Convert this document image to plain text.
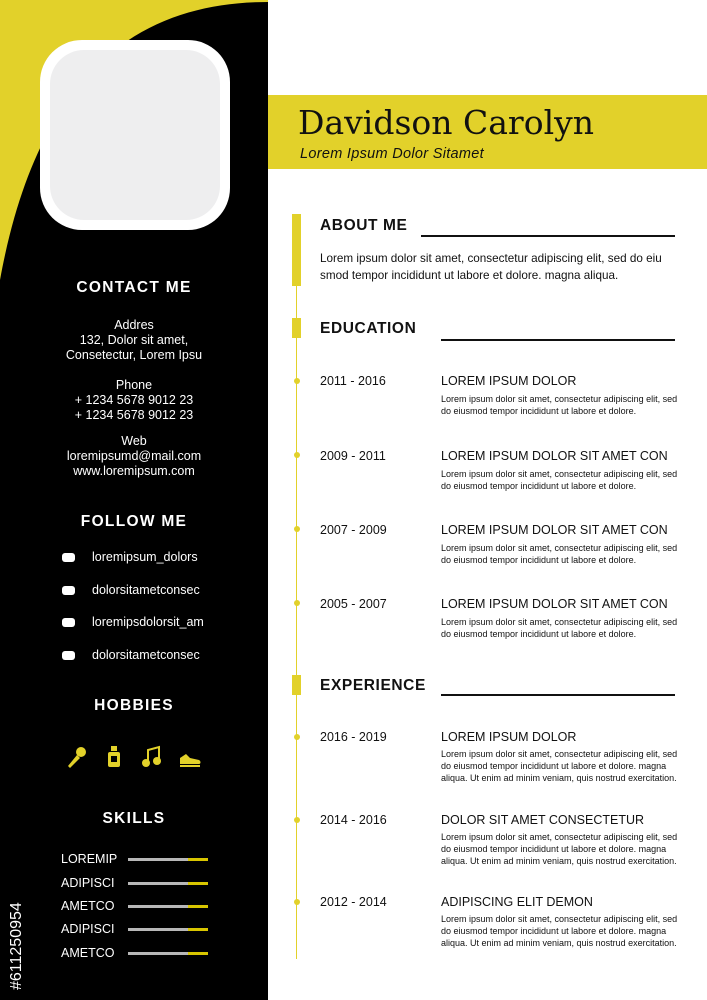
CONTACT ME
Addres
132, Dolor sit amet,
Consetectur, Lorem Ipsu
Phone
+ 1234 5678 9012 23
+ 1234 5678 9012 23
Web
loremipsumd@mail.com
www.loremipsum.com
FOLLOW ME
loremipsum_dolors
dolorsitametconsec
loremipsdolorsit_am
dolorsitametconsec
HOBBIES
SKILLS
LOREMIP
ADIPISCI
AMETCO
ADIPISCI
AMETCO
#611250954
Davidson Carolyn
Lorem Ipsum Dolor Sitamet
ABOUT ME
Lorem ipsum dolor sit amet, consectetur adipiscing elit, sed do eiu smod tempor incididunt ut labore et dolore. magna aliqua.
EDUCATION
2011 - 2016	LOREM IPSUM DOLOR
Lorem ipsum dolor sit amet, consectetur adipiscing elit, sed do eiusmod tempor incididunt ut labore et dolore.
2009 - 2011	LOREM IPSUM DOLOR SIT AMET CON
Lorem ipsum dolor sit amet, consectetur adipiscing elit, sed do eiusmod tempor incididunt ut labore et dolore.
2007 - 2009	LOREM IPSUM DOLOR SIT AMET CON
Lorem ipsum dolor sit amet, consectetur adipiscing elit, sed do eiusmod tempor incididunt ut labore et dolore.
2005 - 2007	LOREM IPSUM DOLOR SIT AMET CON
Lorem ipsum dolor sit amet, consectetur adipiscing elit, sed do eiusmod tempor incididunt ut labore et dolore.
EXPERIENCE
2016 - 2019	LOREM IPSUM DOLOR
Lorem ipsum dolor sit amet, consectetur adipiscing elit, sed do eiusmod tempor incididunt ut labore et dolore. magna aliqua. Ut enim ad minim veniam, quis nostrud exercitation.
2014 - 2016	DOLOR SIT AMET CONSECTETUR
Lorem ipsum dolor sit amet, consectetur adipiscing elit, sed do eiusmod tempor incididunt ut labore et dolore. magna aliqua. Ut enim ad minim veniam, quis nostrud exercitation.
2012 - 2014	ADIPISCING ELIT DEMON
Lorem ipsum dolor sit amet, consectetur adipiscing elit, sed do eiusmod tempor incididunt ut labore et dolore. magna aliqua. Ut enim ad minim veniam, quis nostrud exercitation.
